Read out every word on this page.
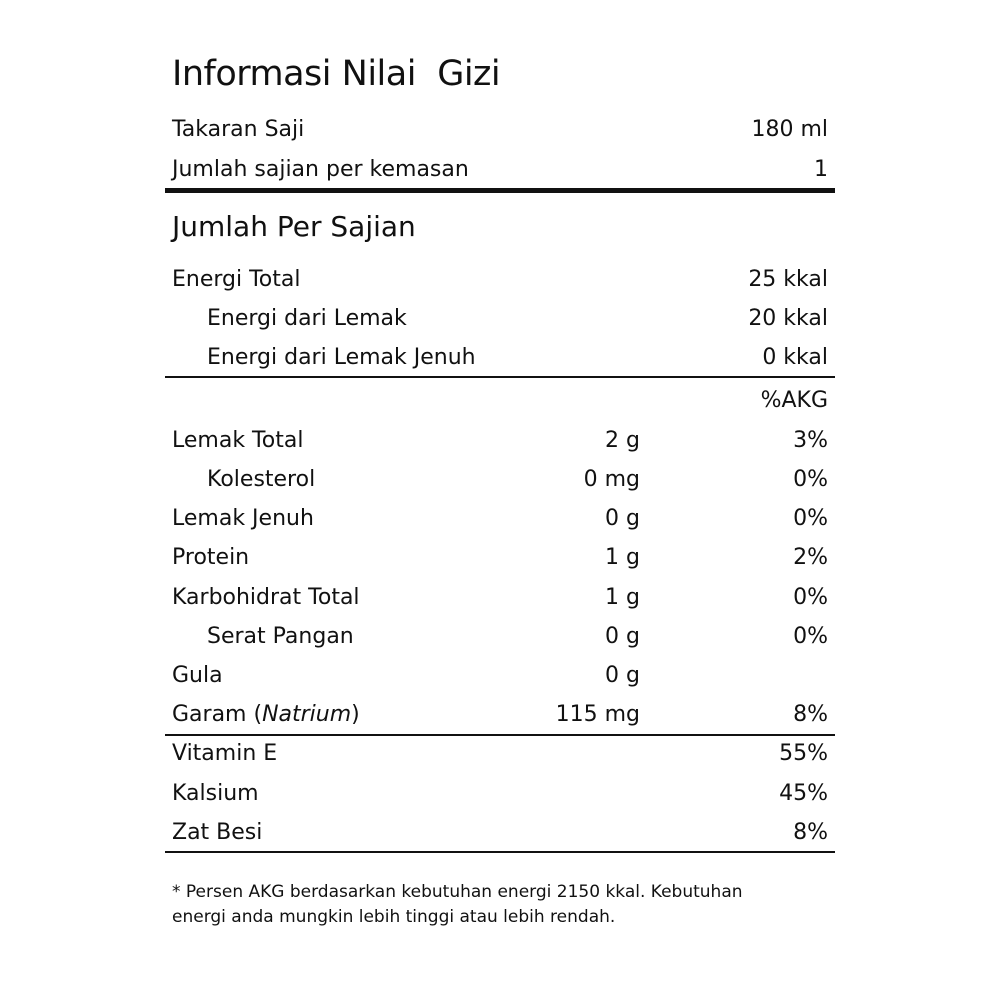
Informasi Nilai  Gizi
Takaran Saji	180 ml
Jumlah sajian per kemasan	1
Jumlah Per Sajian
Energi Total	25 kkal
Energi dari Lemak	20 kkal
Energi dari Lemak Jenuh	0 kkal
%AKG
Lemak Total	2 g	3%
Kolesterol	0 mg	0%
Lemak Jenuh	0 g	0%
Protein	1 g	2%
Karbohidrat Total	1 g	0%
Serat Pangan	0 g	0%
Gula	0 g
Garam (Natrium)	115 mg	8%
Vitamin E	55%
Kalsium	45%
Zat Besi	8%

* Persen AKG berdasarkan kebutuhan energi 2150 kkal. Kebutuhan
energi anda mungkin lebih tinggi atau lebih rendah.
